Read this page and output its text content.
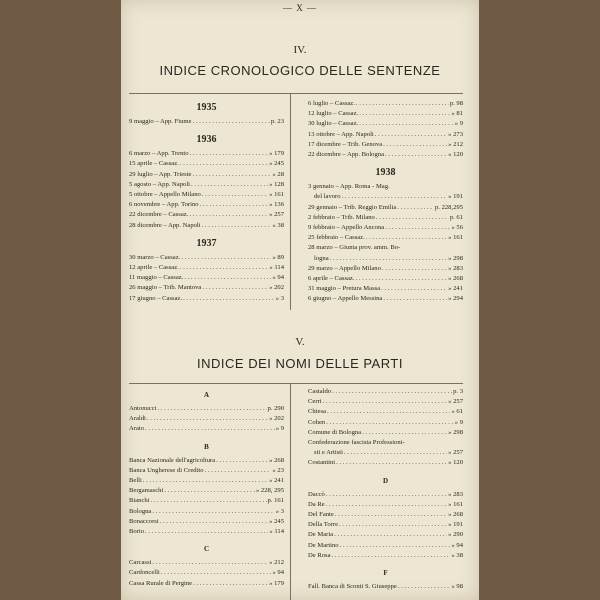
— X —
IV.
INDICE CRONOLOGICO DELLE SENTENZE
1935
9 maggio – App. Fiume . . .	p. 23
1936
6 marzo – App. Trento . . .	» 179
15 aprile – Cassaz. . . .	» 245
29 luglio – App. Trieste . . .	» 28
5 agosto – App. Napoli . . .	» 128
5 ottobre – Appello Milano . . .	» 161
6 novembre – App. Torino . . .	» 136
22 dicembre – Cassaz. . . .	» 257
28 dicembre – App. Napoli . . .	» 38
1937
30 marzo – Cassaz. . . .	» 89
12 aprile – Cassaz. . . .	» 114
11 maggio – Cassaz. . . .	» 94
26 maggio – Trib. Mantova . . .	» 202
17 giugno – Cassaz. . . .	» 3
6 luglio – Cassaz. . . .	p. 98
12 luglio – Cassaz. . . .	» 81
30 luglio – Cassaz. . . .	» 9
13 ottobre – App. Napoli . . .	» 273
17 dicembre – Trib. Genova . . .	» 212
22 dicembre – App. Bologna . . .	» 120
1938
3 gennaio – App. Roma - Mag.
del lavoro . . .	» 191
29 gennaio – Trib. Reggio Emilia . . .	p. 228,295
2 febbraio – Trib. Milano . . .	p. 61
9 febbraio – Appello Ancona . . .	» 56
25 febbraio – Cassaz. . . .	» 161
28 marzo – Giunta prov. amm. Bo-
logna . . .	» 298
29 marzo – Appello Milano . . .	» 283
6 aprile – Cassaz. . . .	» 268
31 maggio – Pretura Massa . . .	» 241
6 giugno – Appello Messina . . .	» 294
V.
INDICE DEI NOMI DELLE PARTI
A
Antonucci . . .	p. 290
Araldi . . .	» 202
Arato . . .	» 9
B
Banca Nazionale dell'agricoltura . . .	» 268
Banca Ungherese di Credito . . .	» 23
Belli . . .	» 241
Bergamaschi . . .	» 228, 295
Bianchi . . .	p. 161
Bologna . . .	» 3
Bonaccorsi . . .	» 245
Borio . . .	» 114
C
Carcassi . . .	» 212
Cardoncelli . . .	» 94
Cassa Rurale di Pergine . . .	» 179
Castaldo . . .	p. 3
Cerri . . .	» 257
Chiesa . . .	» 61
Cohen . . .	» 9
Comune di Bologna . . .	» 298
Confederazione fascista Professioni-
sti e Artisti . . .	» 257
Costantini . . .	» 120
D
Daccò . . .	» 283
Da Re . . .	» 161
Del Fante . . .	» 268
Della Torre . . .	» 191
De Maria . . .	» 290
De Martino . . .	» 94
De Rosa . . .	» 38
F
Fall. Banca di Sconti S. Giuseppe . . .	» 98
